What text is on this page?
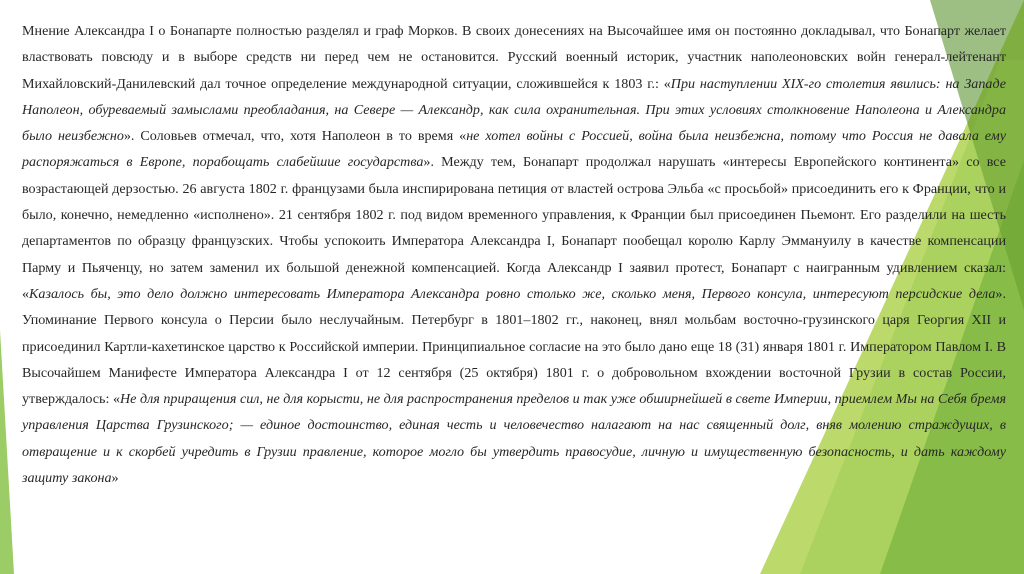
Мнение Александра I о Бонапарте полностью разделял и граф Морков. В своих донесениях на Высочайшее имя он постоянно докладывал, что Бонапарт желает властвовать повсюду и в выборе средств ни перед чем не остановится. Русский военный историк, участник наполеоновских войн генерал-лейтенант Михайловский-Данилевский дал точное определение международной ситуации, сложившейся к 1803 г.: «При наступлении XIX-го столетия явились: на Западе Наполеон, обуреваемый замыслами преобладания, на Севере — Александр, как сила охранительная. При этих условиях столкновение Наполеона и Александра было неизбежно». Соловьев отмечал, что, хотя Наполеон в то время «не хотел войны с Россией, война была неизбежна, потому что Россия не давала ему распоряжаться в Европе, порабощать слабейшие государства». Между тем, Бонапарт продолжал нарушать «интересы Европейского континента» со все возрастающей дерзостью. 26 августа 1802 г. французами была инспирирована петиция от властей острова Эльба «с просьбой» присоединить его к Франции, что и было, конечно, немедленно «исполнено». 21 сентября 1802 г. под видом временного управления, к Франции был присоединен Пьемонт. Его разделили на шесть департаментов по образцу французских. Чтобы успокоить Императора Александра I, Бонапарт пообещал королю Карлу Эммануилу в качестве компенсации Парму и Пьяченцу, но затем заменил их большой денежной компенсацией. Когда Александр I заявил протест, Бонапарт с наигранным удивлением сказал: «Казалось бы, это дело должно интересовать Императора Александра ровно столько же, сколько меня, Первого консула, интересуют персидские дела». Упоминание Первого консула о Персии было неслучайным. Петербург в 1801–1802 гг., наконец, внял мольбам восточно-грузинского царя Георгия XII и присоединил Картли-кахетинское царство к Российской империи. Принципиальное согласие на это было дано еще 18 (31) января 1801 г. Императором Павлом I. В Высочайшем Манифесте Императора Александра I от 12 сентября (25 октября) 1801 г. о добровольном вхождении восточной Грузии в состав России, утверждалось: «Не для приращения сил, не для корысти, не для распространения пределов и так уже обширнейшей в свете Империи, приемлем Мы на Себя бремя управления Царства Грузинского; — единое достоинство, единая честь и человечество налагают на нас священный долг, вняв молению страждущих, в отвращение и к скорбей учредить в Грузии правление, которое могло бы утвердить правосудие, личную и имущественную безопасность, и дать каждому защиту закона»
